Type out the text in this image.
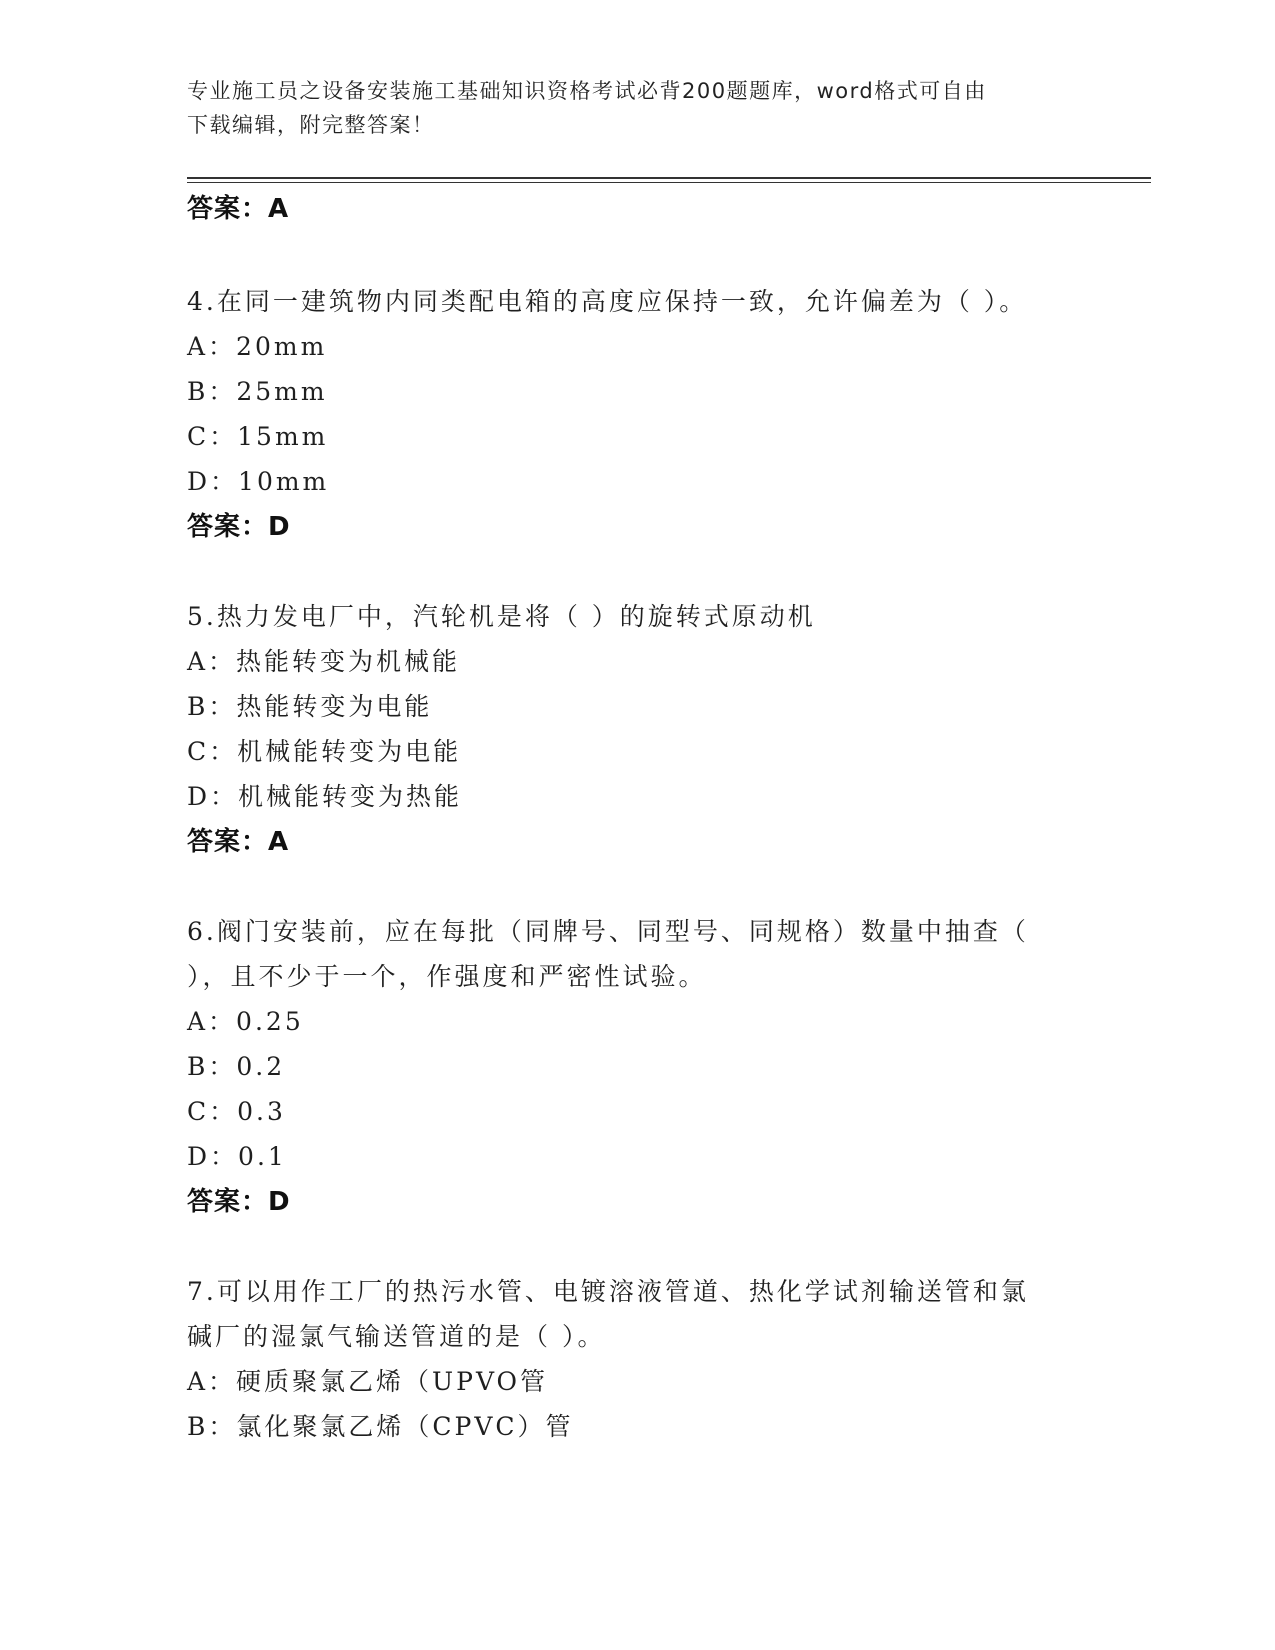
专业施工员之设备安装施工基础知识资格考试必背200题题库，word格式可自由
下载编辑，附完整答案！
答案：A
4.在同一建筑物内同类配电箱的高度应保持一致，允许偏差为（ ）。
A：20mm
B：25mm
C：15mm
D：10mm
答案：D
5.热力发电厂中，汽轮机是将（ ）的旋转式原动机
A：热能转变为机械能
B：热能转变为电能
C：机械能转变为电能
D：机械能转变为热能
答案：A
6.阀门安装前，应在每批（同牌号、同型号、同规格）数量中抽查（
），且不少于一个，作强度和严密性试验。
A：0.25
B：0.2
C：0.3
D：0.1
答案：D
7.可以用作工厂的热污水管、电镀溶液管道、热化学试剂输送管和氯
碱厂的湿氯气输送管道的是（ ）。
A：硬质聚氯乙烯（UPVO管
B：氯化聚氯乙烯（CPVC）管
